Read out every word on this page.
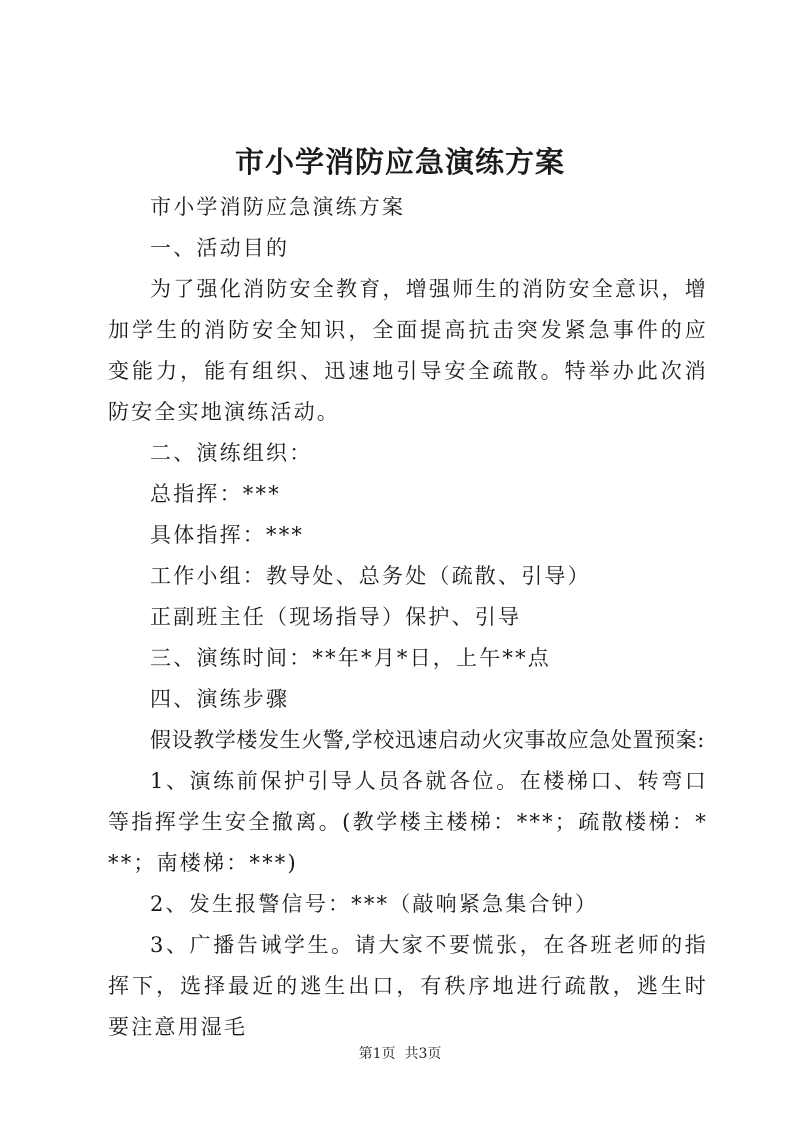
市小学消防应急演练方案

市小学消防应急演练方案

一、活动目的

为了强化消防安全教育，增强师生的消防安全意识，增加学生的消防安全知识，全面提高抗击突发紧急事件的应变能力，能有组织、迅速地引导安全疏散。特举办此次消防安全实地演练活动。

二、演练组织：

总指挥：***

具体指挥：***

工作小组：教导处、总务处（疏散、引导）

正副班主任（现场指导）保护、引导

三、演练时间：**年*月*日，上午**点

四、演练步骤

假设教学楼发生火警,学校迅速启动火灾事故应急处置预案:

1、演练前保护引导人员各就各位。在楼梯口、转弯口等指挥学生安全撤离。(教学楼主楼梯：***；疏散楼梯：***；南楼梯：***)

2、发生报警信号：***（敲响紧急集合钟）

3、广播告诫学生。请大家不要慌张，在各班老师的指挥下，选择最近的逃生出口，有秩序地进行疏散，逃生时要注意用湿毛

第1页  共3页
